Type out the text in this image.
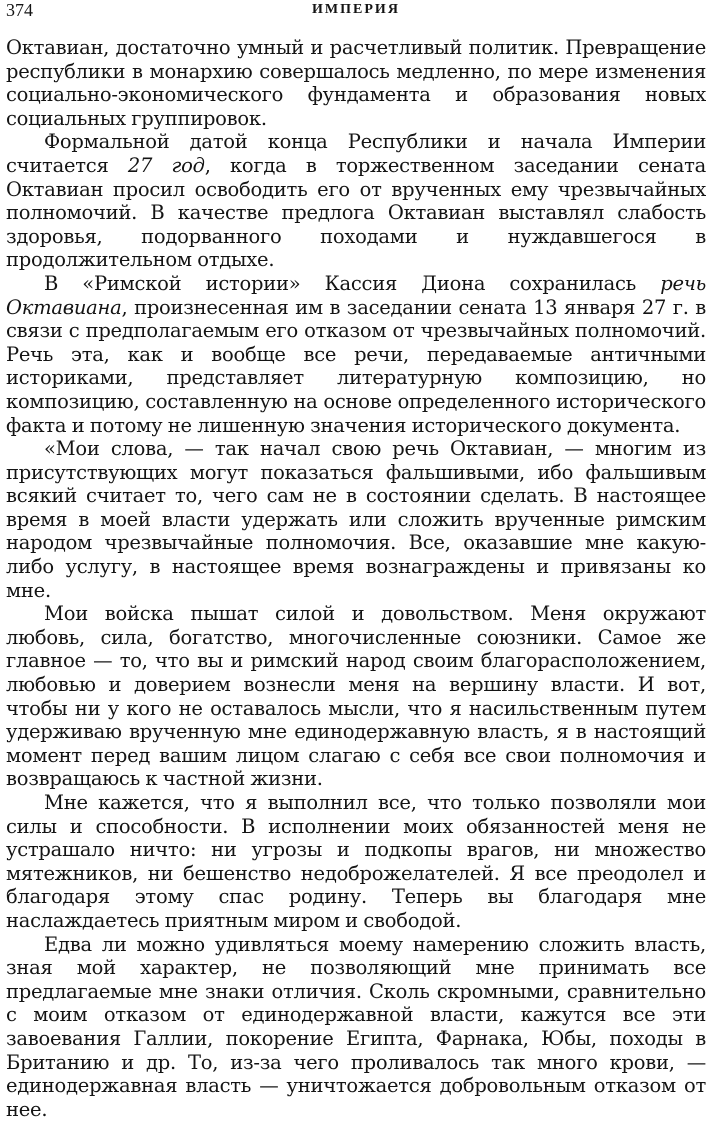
374	ИМПЕРИЯ

Октавиан, достаточно умный и расчетливый политик. Превращение республики в монархию совершалось медленно, по мере изменения социально-экономического фундамента и образования новых социальных группировок.

Формальной датой конца Республики и начала Империи считается 27 год, когда в торжественном заседании сената Октавиан просил освободить его от врученных ему чрезвычайных полномочий. В качестве предлога Октавиан выставлял слабость здоровья, подорванного походами и нуждавшегося в продолжительном отдыхе.

В «Римской истории» Кассия Диона сохранилась речь Октавиана, произнесенная им в заседании сената 13 января 27 г. в связи с предполагаемым его отказом от чрезвычайных полномочий. Речь эта, как и вообще все речи, передаваемые античными историками, представляет литературную композицию, но композицию, составленную на основе определенного исторического факта и потому не лишенную значения исторического документа.

«Мои слова, — так начал свою речь Октавиан, — многим из присутствующих могут показаться фальшивыми, ибо фальшивым всякий считает то, чего сам не в состоянии сделать. В настоящее время в моей власти удержать или сложить врученные римским народом чрезвычайные полномочия. Все, оказавшие мне какую-либо услугу, в настоящее время вознаграждены и привязаны ко мне.

Мои войска пышат силой и довольством. Меня окружают любовь, сила, богатство, многочисленные союзники. Самое же главное — то, что вы и римский народ своим благорасположением, любовью и доверием вознесли меня на вершину власти. И вот, чтобы ни у кого не оставалось мысли, что я насильственным путем удерживаю врученную мне единодержавную власть, я в настоящий момент перед вашим лицом слагаю с себя все свои полномочия и возвращаюсь к частной жизни.

Мне кажется, что я выполнил все, что только позволяли мои силы и способности. В исполнении моих обязанностей меня не устрашало ничто: ни угрозы и подкопы врагов, ни множество мятежников, ни бешенство недоброжелателей. Я все преодолел и благодаря этому спас родину. Теперь вы благодаря мне наслаждаетесь приятным миром и свободой.

Едва ли можно удивляться моему намерению сложить власть, зная мой характер, не позволяющий мне принимать все предлагаемые мне знаки отличия. Сколь скромными, сравнительно с моим отказом от единодержавной власти, кажутся все эти завоевания Галлии, покорение Египта, Фарнака, Юбы, походы в Британию и др. То, из-за чего проливалось так много крови, — единодержавная власть — уничтожается добровольным отказом от нее.
